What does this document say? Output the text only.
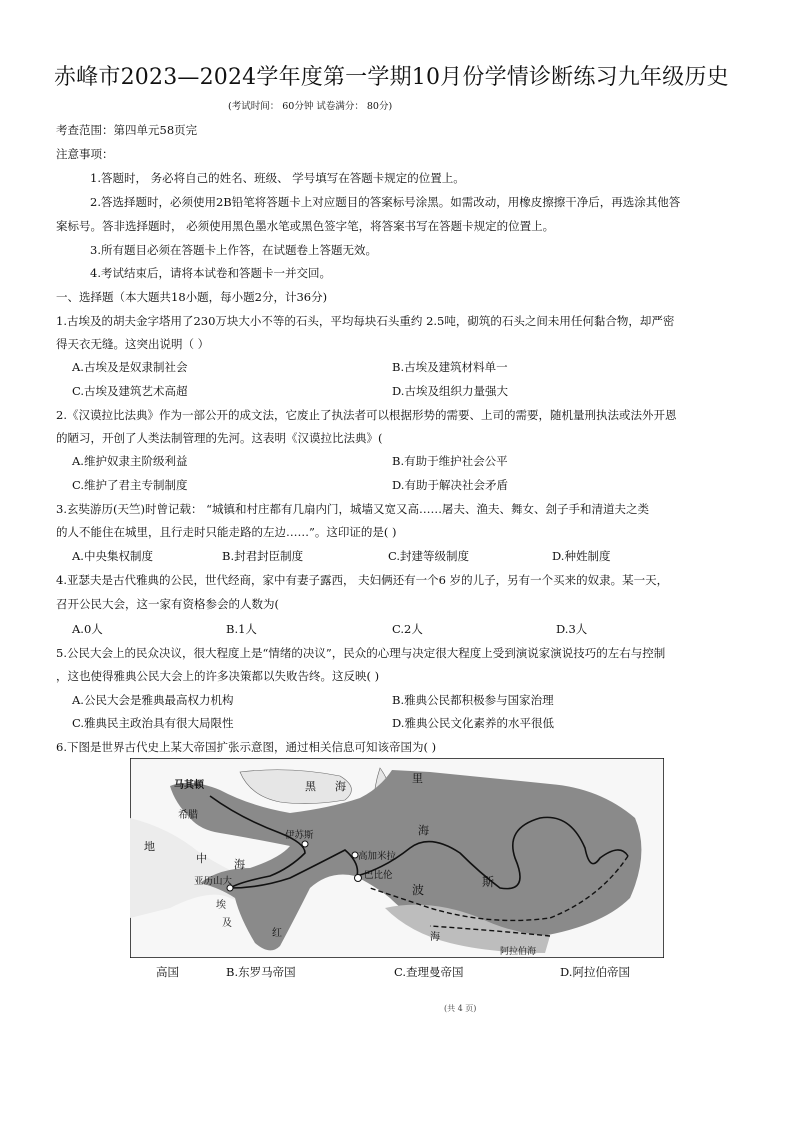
赤峰市2023—2024学年度第一学期10月份学情诊断练习九年级历史
(考试时间： 60分钟 试卷满分： 80分)
考查范围：第四单元58页完
注意事项：
1.答题时， 务必将自己的姓名、班级、 学号填写在答题卡规定的位置上。
2.答选择题时，必须使用2B铅笔将答题卡上对应题目的答案标号涂黑。如需改动，用橡皮擦擦干净后，再选涂其他答
案标号。答非选择题时， 必须使用黑色墨水笔或黑色签字笔，将答案书写在答题卡规定的位置上。
3.所有题目必须在答题卡上作答，在试题卷上答题无效。
4.考试结束后，请将本试卷和答题卡一并交回。
一、选择题（本大题共18小题，每小题2分，计36分)
1.古埃及的胡夫金字塔用了230万块大小不等的石头，平均每块石头重约 2.5吨，砌筑的石头之间未用任何黏合物，却严密
得天衣无缝。这突出说明（ ）
A.古埃及是奴隶制社会	B.古埃及建筑材料单一
C.古埃及建筑艺术高超	D.古埃及组织力量强大
2.《汉谟拉比法典》作为一部公开的成文法，它废止了执法者可以根据形势的需要、上司的需要，随机量刑执法或法外开恩
的陋习，开创了人类法制管理的先河。这表明《汉谟拉比法典》(
A.维护奴隶主阶级利益	B.有助于维护社会公平
C.维护了君主专制制度	D.有助于解决社会矛盾
3.玄奘游历(天竺)时曾记载： “城镇和村庄都有几扇内门，城墙又宽又高……屠夫、渔夫、舞女、刽子手和清道夫之类
的人不能住在城里，且行走时只能走路的左边……”。这印证的是( )
A.中央集权制度	B.封君封臣制度	C.封建等级制度	D.种姓制度
4.亚瑟夫是古代雅典的公民，世代经商，家中有妻子露西， 夫妇俩还有一个6 岁的儿子，另有一个买来的奴隶。某一天，
召开公民大会，这一家有资格参会的人数为(
A.0人	B.1人	C.2人	D.3人
5.公民大会上的民众决议，很大程度上是“情绪的决议”，民众的心理与决定很大程度上受到演说家演说技巧的左右与控制
，这也使得雅典公民大会上的许多决策都以失败告终。这反映( )
A.公民大会是雅典最高权力机构	B.雅典公民都积极参与国家治理
C.雅典民主政治具有很大局限性	D.雅典公民文化素养的水平很低
6.下图是世界古代史上某大帝国扩张示意图，通过相关信息可知该帝国为( )
马其顿
希腊
黑 海
里
海
地
中 海
伊苏斯
高加米拉
巴比伦
亚历山大
埃
及
波
斯
红	海
阿拉伯海
高国	B.东罗马帝国	C.查理曼帝国	D.阿拉伯帝国
(共 4 页)
